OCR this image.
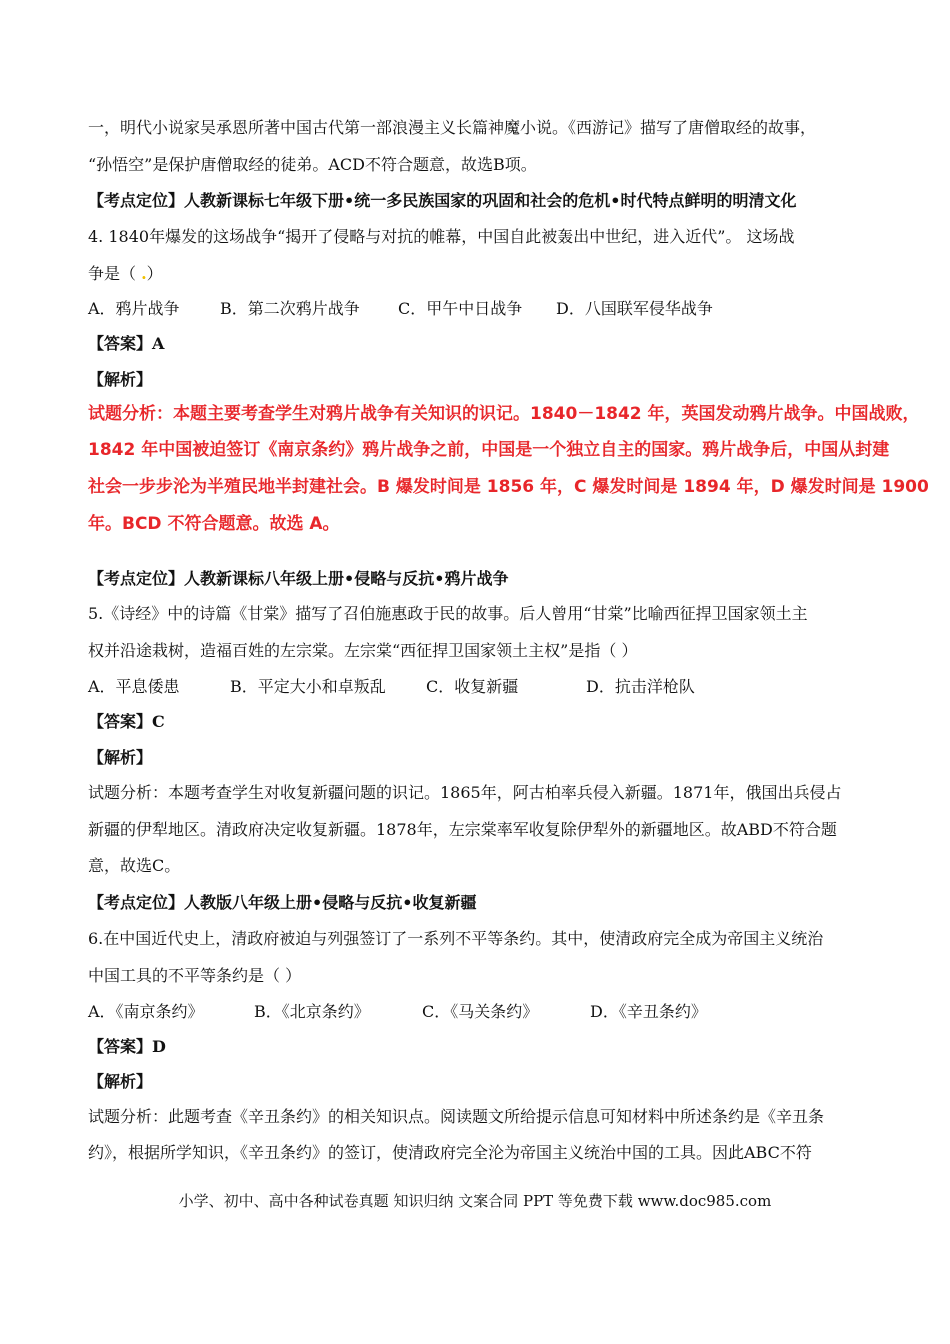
一，明代小说家吴承恩所著中国古代第一部浪漫主义长篇神魔小说。《西游记》描写了唐僧取经的故事，
“孙悟空”是保护唐僧取经的徒弟。ACD不符合题意，故选B项。
【考点定位】人教新课标七年级下册•统一多民族国家的巩固和社会的危机•时代特点鲜明的明清文化
4. 1840年爆发的这场战争“揭开了侵略与对抗的帷幕，中国自此被轰出中世纪，进入近代”。 这场战
争是（ .）
A．鸦片战争	B．第二次鸦片战争 C．甲午中日战争 D．八国联军侵华战争
【答案】A
【解析】
试题分析：本题主要考查学生对鸦片战争有关知识的识记。1840－1842 年，英国发动鸦片战争。中国战败，
1842 年中国被迫签订《南京条约》鸦片战争之前，中国是一个独立自主的国家。鸦片战争后，中国从封建
社会一步步沦为半殖民地半封建社会。B 爆发时间是 1856 年，C 爆发时间是 1894 年，D 爆发时间是 1900
年。BCD 不符合题意。故选 A。
【考点定位】人教新课标八年级上册•侵略与反抗•鸦片战争
5.《诗经》中的诗篇《甘棠》描写了召伯施惠政于民的故事。后人曾用“甘棠”比喻西征捍卫国家领土主
权并沿途栽树，造福百姓的左宗棠。左宗棠“西征捍卫国家领土主权”是指（ ）
A．平息倭患	B．平定大小和卓叛乱	C．收复新疆	D．抗击洋枪队
【答案】C
【解析】
试题分析：本题考查学生对收复新疆问题的识记。1865年，阿古柏率兵侵入新疆。1871年，俄国出兵侵占
新疆的伊犁地区。清政府决定收复新疆。1878年，左宗棠率军收复除伊犁外的新疆地区。故ABD不符合题
意，故选C。
【考点定位】人教版八年级上册•侵略与反抗•收复新疆
6.在中国近代史上，清政府被迫与列强签订了一系列不平等条约。其中，使清政府完全成为帝国主义统治
中国工具的不平等条约是（ ）
A．《南京条约》	B．《北京条约》	C．《马关条约》	D．《辛丑条约》
【答案】D
【解析】
试题分析：此题考查《辛丑条约》的相关知识点。阅读题文所给提示信息可知材料中所述条约是《辛丑条
约》，根据所学知识，《辛丑条约》的签订，使清政府完全沦为帝国主义统治中国的工具。因此ABC不符
小学、初中、高中各种试卷真题 知识归纳 文案合同 PPT 等免费下载 www.doc985.com
